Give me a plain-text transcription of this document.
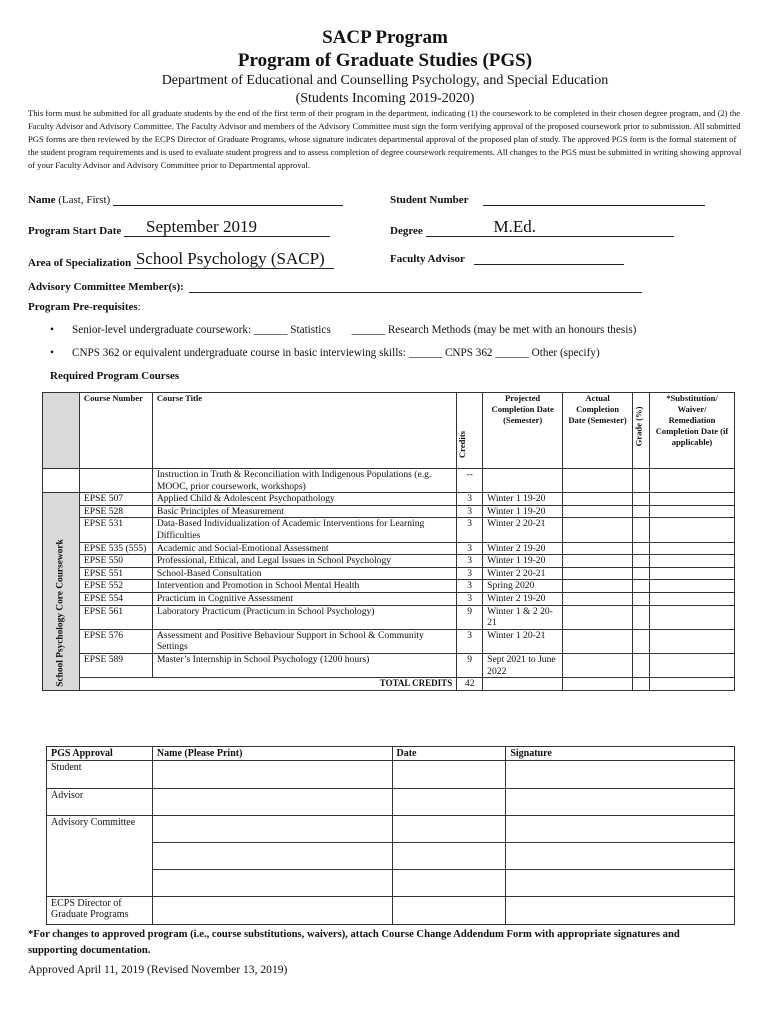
SACP Program
Program of Graduate Studies (PGS)
Department of Educational and Counselling Psychology, and Special Education
(Students Incoming 2019-2020)
This form must be submitted for all graduate students by the end of the first term of their program in the department, indicating (1) the coursework to be completed in their chosen degree program, and (2) the Faculty Advisor and Advisory Committee. The Faculty Advisor and members of the Advisory Committee must sign the form verifying approval of the proposed coursework prior to submission. All submitted PGS forms are then reviewed by the ECPS Director of Graduate Programs, whose signature indicates departmental approval of the proposed plan of study. The approved PGS form is the formal statement of the student program requirements and is used to evaluate student progress and to assess completion of degree coursework requirements. All changes to the PGS must be submitted in writing showing approval of your Faculty Advisor and Advisory Committee prior to Departmental approval.
Name (Last, First)	Student Number
Program Start Date September 2019	Degree	M.Ed.
Area of Specialization School Psychology (SACP)	Faculty Advisor
Advisory Committee Member(s):
Program Pre-requisites:
• Senior-level undergraduate coursework: ______ Statistics ______ Research Methods (may be met with an honours thesis)
• CNPS 362 or equivalent undergraduate course in basic interviewing skills: ______ CNPS 362 ______ Other (specify)
Required Program Courses
	Course Number	Course Title	Credits	Projected Completion Date (Semester)	Actual Completion Date (Semester)	Grade (%)	*Substitution/ Waiver/ Remediation Completion Date (if applicable)
		Instruction in Truth & Reconciliation with Indigenous Populations (e.g. MOOC, prior coursework, workshops)	--				
	EPSE 507	Applied Child & Adolescent Psychopathology	3	Winter 1 19-20			
	EPSE 528	Basic Principles of Measurement	3	Winter 1 19-20			
	EPSE 531	Data-Based Individualization of Academic Interventions for Learning Difficulties	3	Winter 2 20-21			
	EPSE 535 (555)	Academic and Social-Emotional Assessment	3	Winter 2 19-20			
	EPSE 550	Professional, Ethical, and Legal Issues in School Psychology	3	Winter 1 19-20			
	EPSE 551	School-Based Consultation	3	Winter 2 20-21			
	EPSE 552	Intervention and Promotion in School Mental Health	3	Spring 2020			
	EPSE 554	Practicum in Cognitive Assessment	3	Winter 2 19-20			
	EPSE 561	Laboratory Practicum (Practicum in School Psychology)	9	Winter 1 & 2 20-21			
	EPSE 576	Assessment and Positive Behaviour Support in School & Community Settings	3	Winter 1 20-21			
	EPSE 589	Master’s Internship in School Psychology (1200 hours)	9	Sept 2021 to June 2022			
	TOTAL CREDITS		42				
School Psychology Core Coursework
PGS Approval	Name (Please Print)	Date	Signature
Student			
Advisor			
Advisory Committee			

ECPS Director of Graduate Programs			
*For changes to approved program (i.e., course substitutions, waivers), attach Course Change Addendum Form with appropriate signatures and supporting documentation.
Approved April 11, 2019 (Revised November 13, 2019)
